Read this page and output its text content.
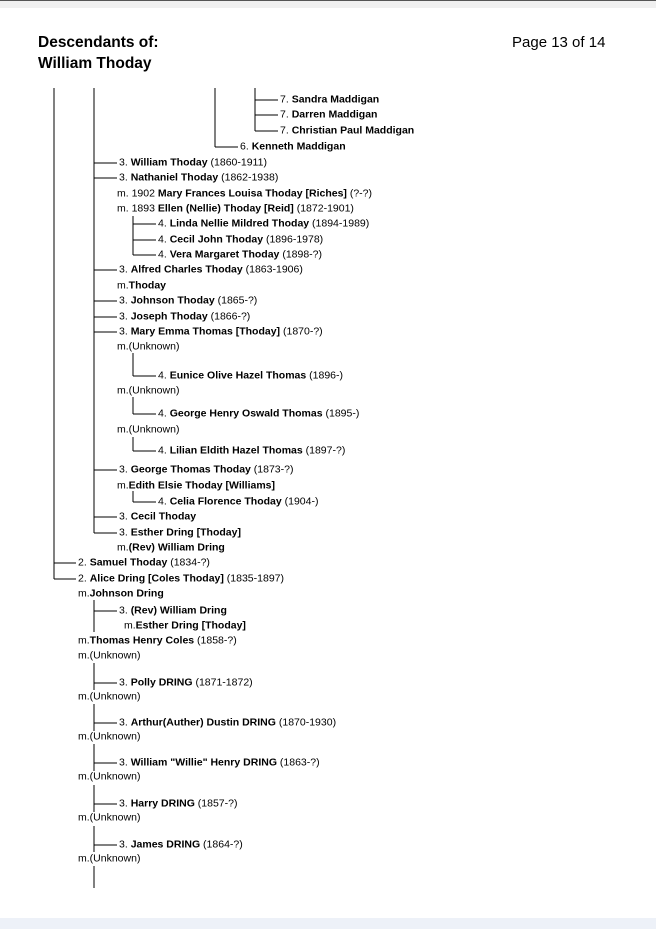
Descendants of:
William Thoday
Page 13 of 14
7. Sandra Maddigan
7. Darren Maddigan
7. Christian Paul Maddigan
6. Kenneth Maddigan
3. William Thoday (1860-1911)
3. Nathaniel Thoday (1862-1938)
m. 1902 Mary Frances Louisa Thoday [Riches] (?-?)
m. 1893 Ellen (Nellie) Thoday [Reid] (1872-1901)
4. Linda Nellie Mildred Thoday (1894-1989)
4. Cecil John Thoday (1896-1978)
4. Vera Margaret Thoday (1898-?)
3. Alfred Charles Thoday (1863-1906)
m.Thoday
3. Johnson Thoday (1865-?)
3. Joseph Thoday (1866-?)
3. Mary Emma Thomas [Thoday] (1870-?)
m.(Unknown)
4. Eunice Olive Hazel Thomas (1896-)
m.(Unknown)
4. George Henry Oswald Thomas (1895-)
m.(Unknown)
4. Lilian Eldith Hazel Thomas (1897-?)
3. George Thomas Thoday (1873-?)
m.Edith Elsie Thoday [Williams]
4. Celia Florence Thoday (1904-)
3. Cecil Thoday
3. Esther Dring [Thoday]
m.(Rev) William Dring
2. Samuel Thoday (1834-?)
2. Alice Dring [Coles Thoday] (1835-1897)
m.Johnson Dring
3. (Rev) William Dring
m.Esther Dring [Thoday]
m.Thomas Henry Coles (1858-?)
m.(Unknown)
3. Polly DRING (1871-1872)
m.(Unknown)
3. Arthur(Auther) Dustin DRING (1870-1930)
m.(Unknown)
3. William "Willie" Henry DRING (1863-?)
m.(Unknown)
3. Harry DRING (1857-?)
m.(Unknown)
3. James DRING (1864-?)
m.(Unknown)
